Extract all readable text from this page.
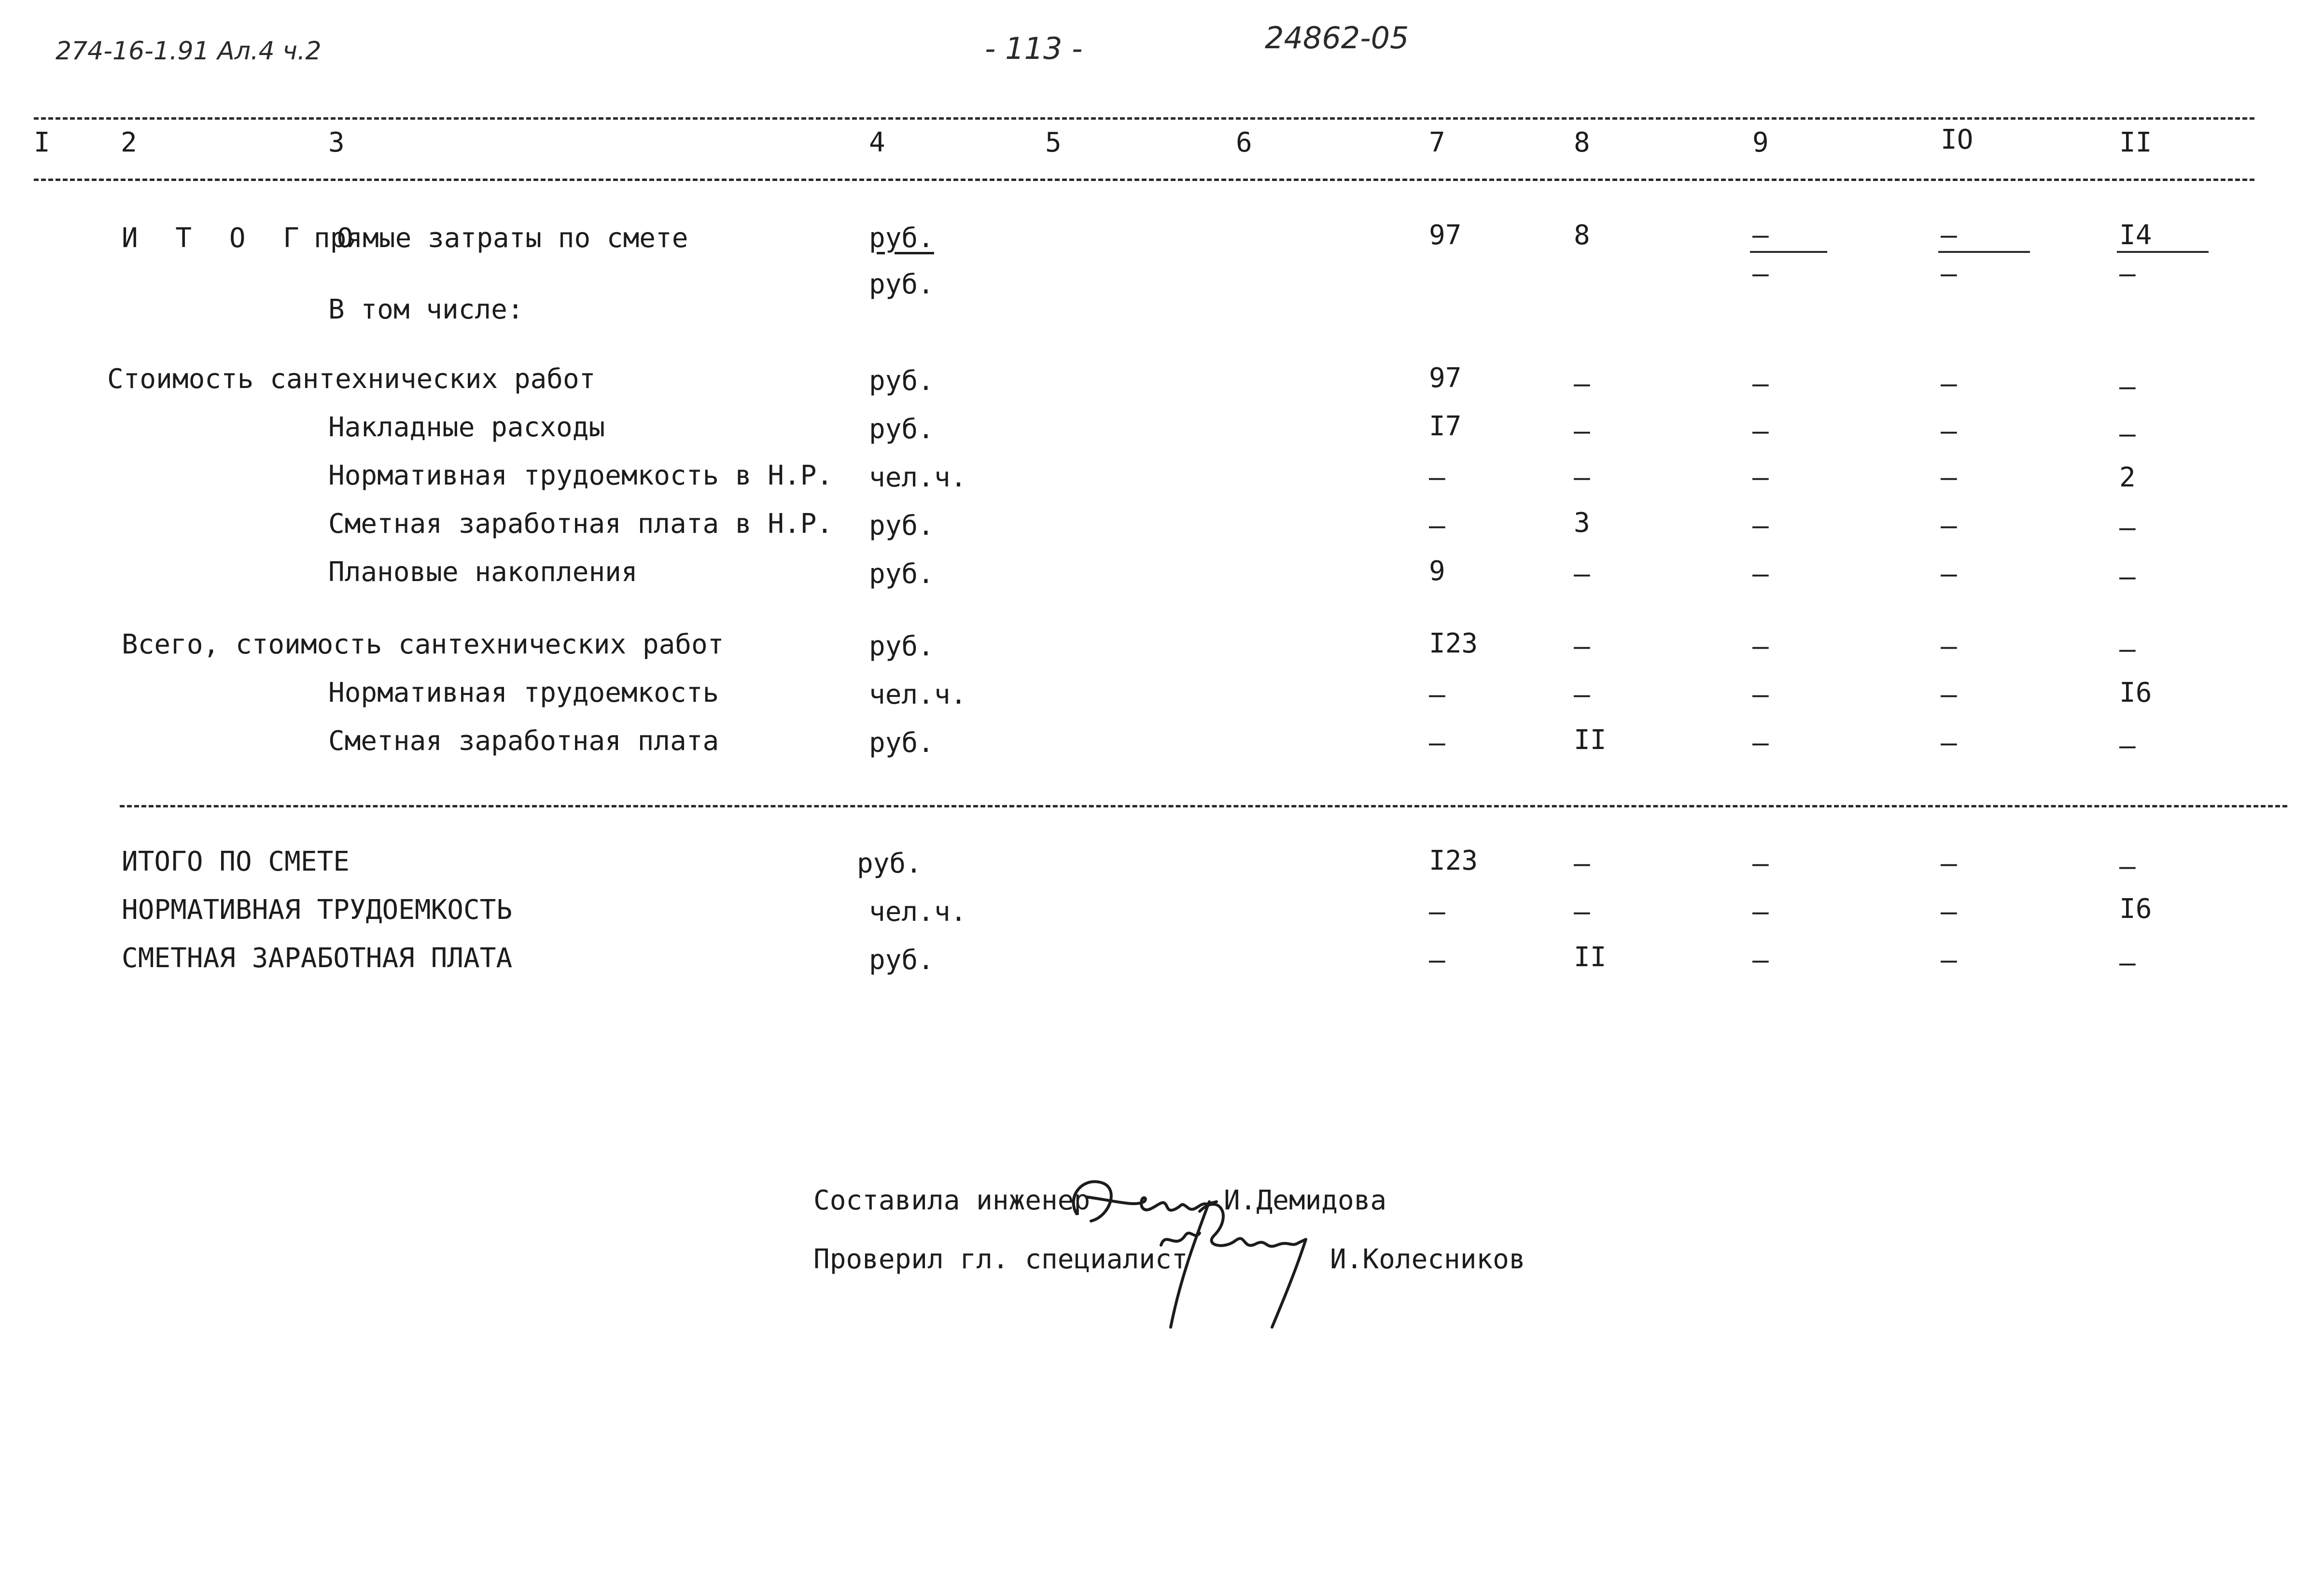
274-16-1.91 Ал.4 ч.2	- 113 -	24862-05
I	2	3	4	5	6	7	8	9	IO	II
И Т О Г О
прямые затраты по смете	руб.	97	8	–	–	I4
руб.	–	–	–
В том числе:
Стоимость сантехнических работ	руб.	97	–	–	–	–
Накладные расходы	руб.	I7	–	–	–	–
Нормативная трудоемкость в Н.Р. чел.ч.	–	–	–	–	2
Сметная заработная плата в Н.Р. руб.	–	3	–	–	–
Плановые накопления	руб.	9	–	–	–	–
Всего, стоимость сантехнических работ	руб.	I23	–	–	–	–
Нормативная трудоемкость	чел.ч.	–	–	–	–	I6
Сметная заработная плата	руб.	–	II	–	–	–
ИТОГО ПО СМЕТЕ	руб.	I23	–	–	–	–
НОРМАТИВНАЯ ТРУДОЕМКОСТЬ	чел.ч.	–	–	–	–	I6
СМЕТНАЯ ЗАРАБОТНАЯ ПЛАТА	руб.	–	II	–	–	–
Составила инженер	И.Демидова
Проверил гл. специалист	И.Колесников
